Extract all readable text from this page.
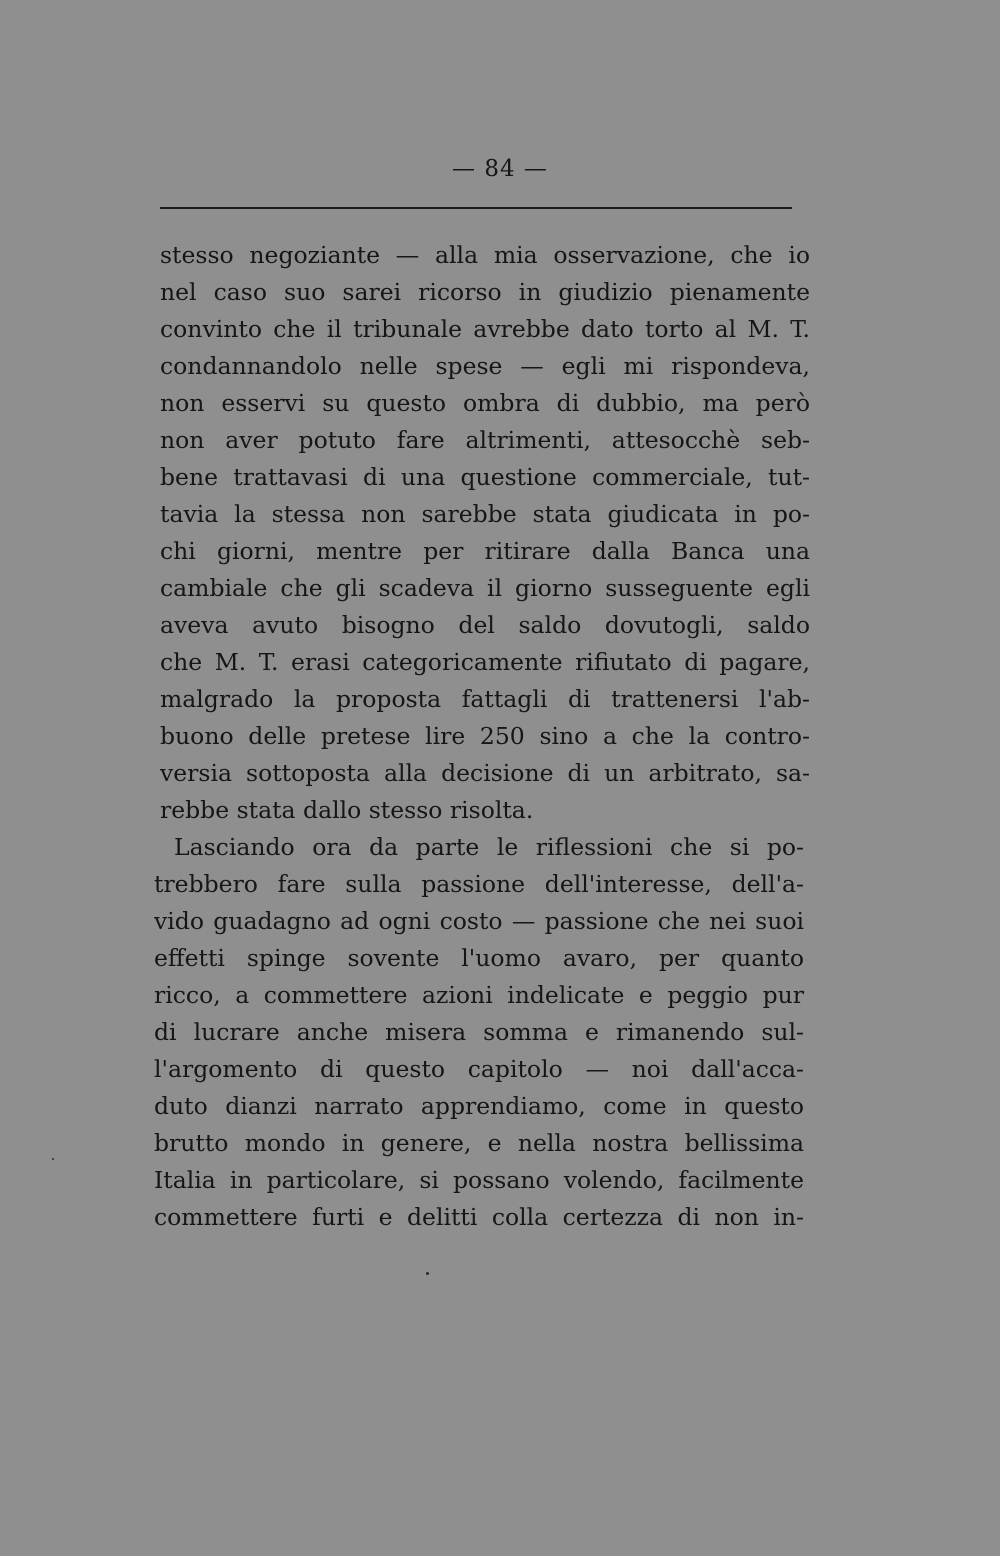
— 84 —
stesso negoziante — alla mia osservazione, che io
nel caso suo sarei ricorso in giudizio pienamente
convinto che il tribunale avrebbe dato torto al M. T.
condannandolo nelle spese — egli mi rispondeva,
non esservi su questo ombra di dubbio, ma però
non aver potuto fare altrimenti, attesocchè seb-
bene trattavasi di una questione commerciale, tut-
tavia la stessa non sarebbe stata giudicata in po-
chi giorni, mentre per ritirare dalla Banca una
cambiale che gli scadeva il giorno susseguente egli
aveva avuto bisogno del saldo dovutogli, saldo
che M. T. erasi categoricamente rifiutato di pagare,
malgrado la proposta fattagli di trattenersi l'ab-
buono delle pretese lire 250 sino a che la contro-
versia sottoposta alla decisione di un arbitrato, sa-
rebbe stata dallo stesso risolta.
Lasciando ora da parte le riflessioni che si po-
trebbero fare sulla passione dell'interesse, dell'a-
vido guadagno ad ogni costo — passione che nei suoi
effetti spinge sovente l'uomo avaro, per quanto
ricco, a commettere azioni indelicate e peggio pur
di lucrare anche misera somma e rimanendo sul-
l'argomento di questo capitolo — noi dall'acca-
duto dianzi narrato apprendiamo, come in questo
brutto mondo in genere, e nella nostra bellissima
Italia in particolare, si possano volendo, facilmente
commettere furti e delitti colla certezza di non in-
